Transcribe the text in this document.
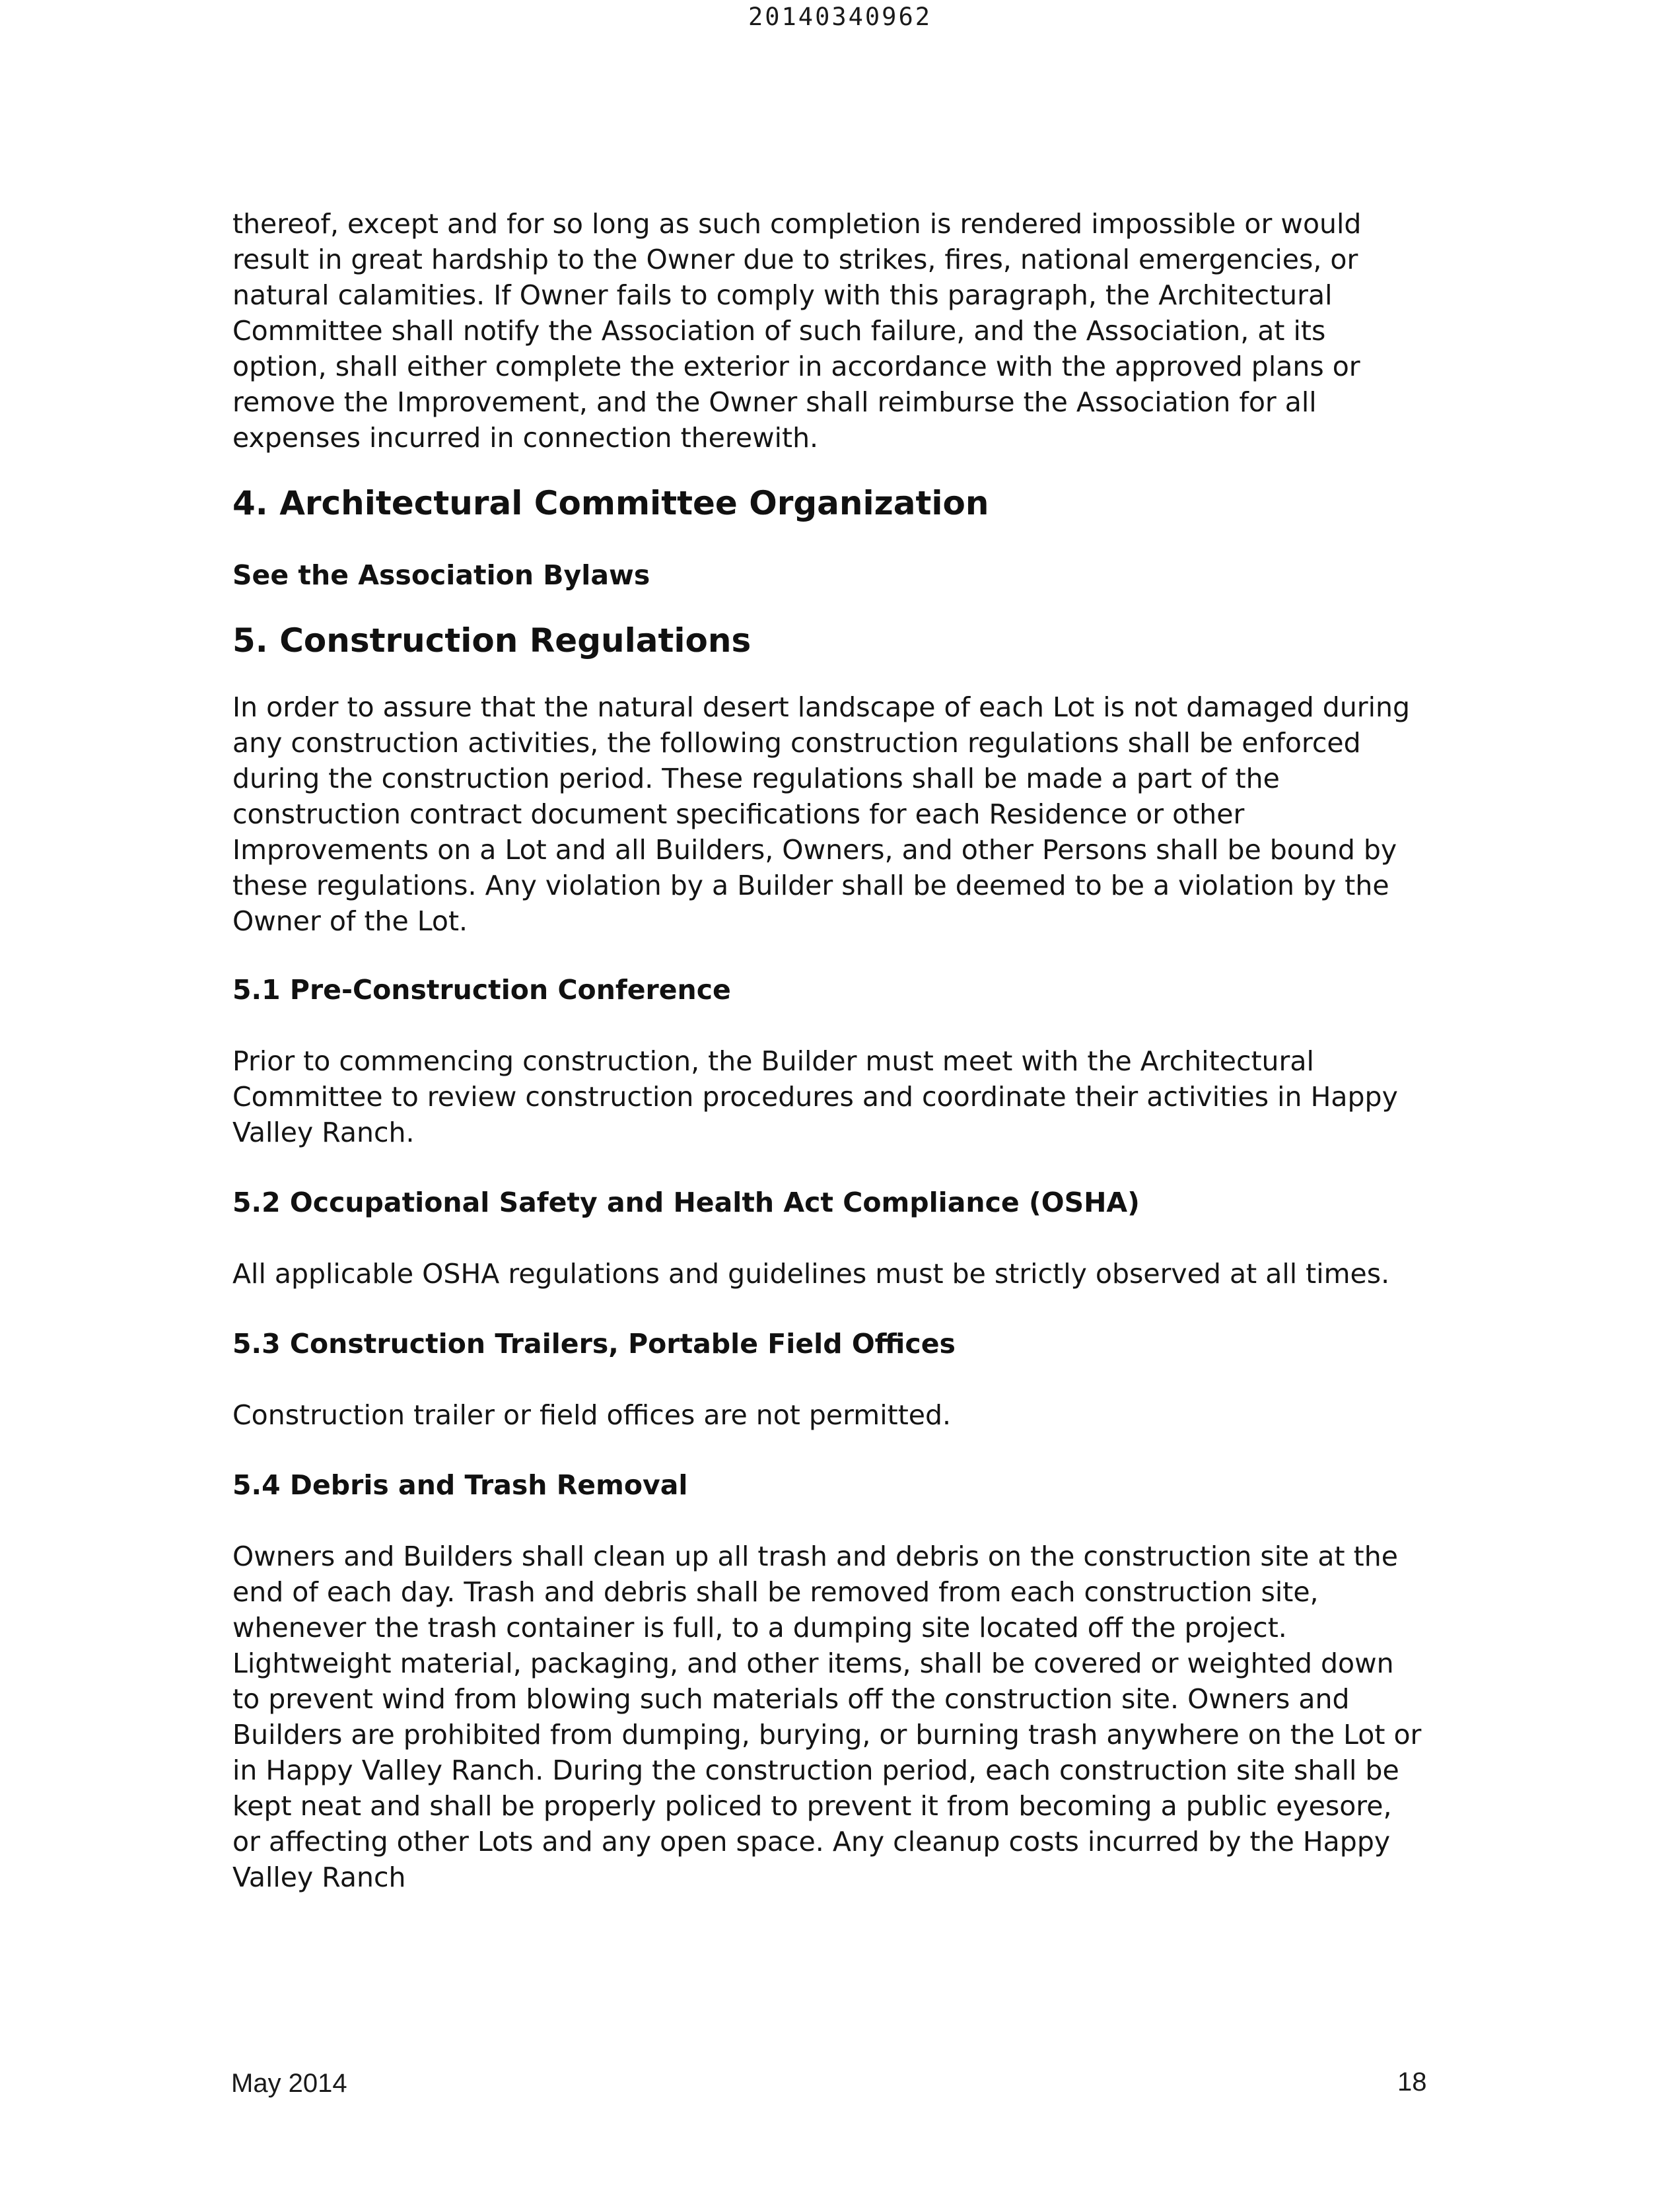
20140340962

thereof, except and for so long as such completion is rendered impossible or would result in great hardship to the Owner due to strikes, fires, national emergencies, or natural calamities. If Owner fails to comply with this paragraph, the Architectural Committee shall notify the Association of such failure, and the Association, at its option, shall either complete the exterior in accordance with the approved plans or remove the Improvement, and the Owner shall reimburse the Association for all expenses incurred in connection therewith.

4. Architectural Committee Organization
See the Association Bylaws
5. Construction Regulations

In order to assure that the natural desert landscape of each Lot is not damaged during any construction activities, the following construction regulations shall be enforced during the construction period. These regulations shall be made a part of the construction contract document specifications for each Residence or other Improvements on a Lot and all Builders, Owners, and other Persons shall be bound by these regulations. Any violation by a Builder shall be deemed to be a violation by the Owner of the Lot.

5.1 Pre-Construction Conference

Prior to commencing construction, the Builder must meet with the Architectural Committee to review construction procedures and coordinate their activities in Happy Valley Ranch.

5.2 Occupational Safety and Health Act Compliance (OSHA)

All applicable OSHA regulations and guidelines must be strictly observed at all times.

5.3 Construction Trailers, Portable Field Offices

Construction trailer or field offices are not permitted.

5.4 Debris and Trash Removal

Owners and Builders shall clean up all trash and debris on the construction site at the end of each day. Trash and debris shall be removed from each construction site, whenever the trash container is full, to a dumping site located off the project. Lightweight material, packaging, and other items, shall be covered or weighted down to prevent wind from blowing such materials off the construction site. Owners and Builders are prohibited from dumping, burying, or burning trash anywhere on the Lot or in Happy Valley Ranch. During the construction period, each construction site shall be kept neat and shall be properly policed to prevent it from becoming a public eyesore, or affecting other Lots and any open space. Any cleanup costs incurred by the Happy Valley Ranch

May 2014	18
